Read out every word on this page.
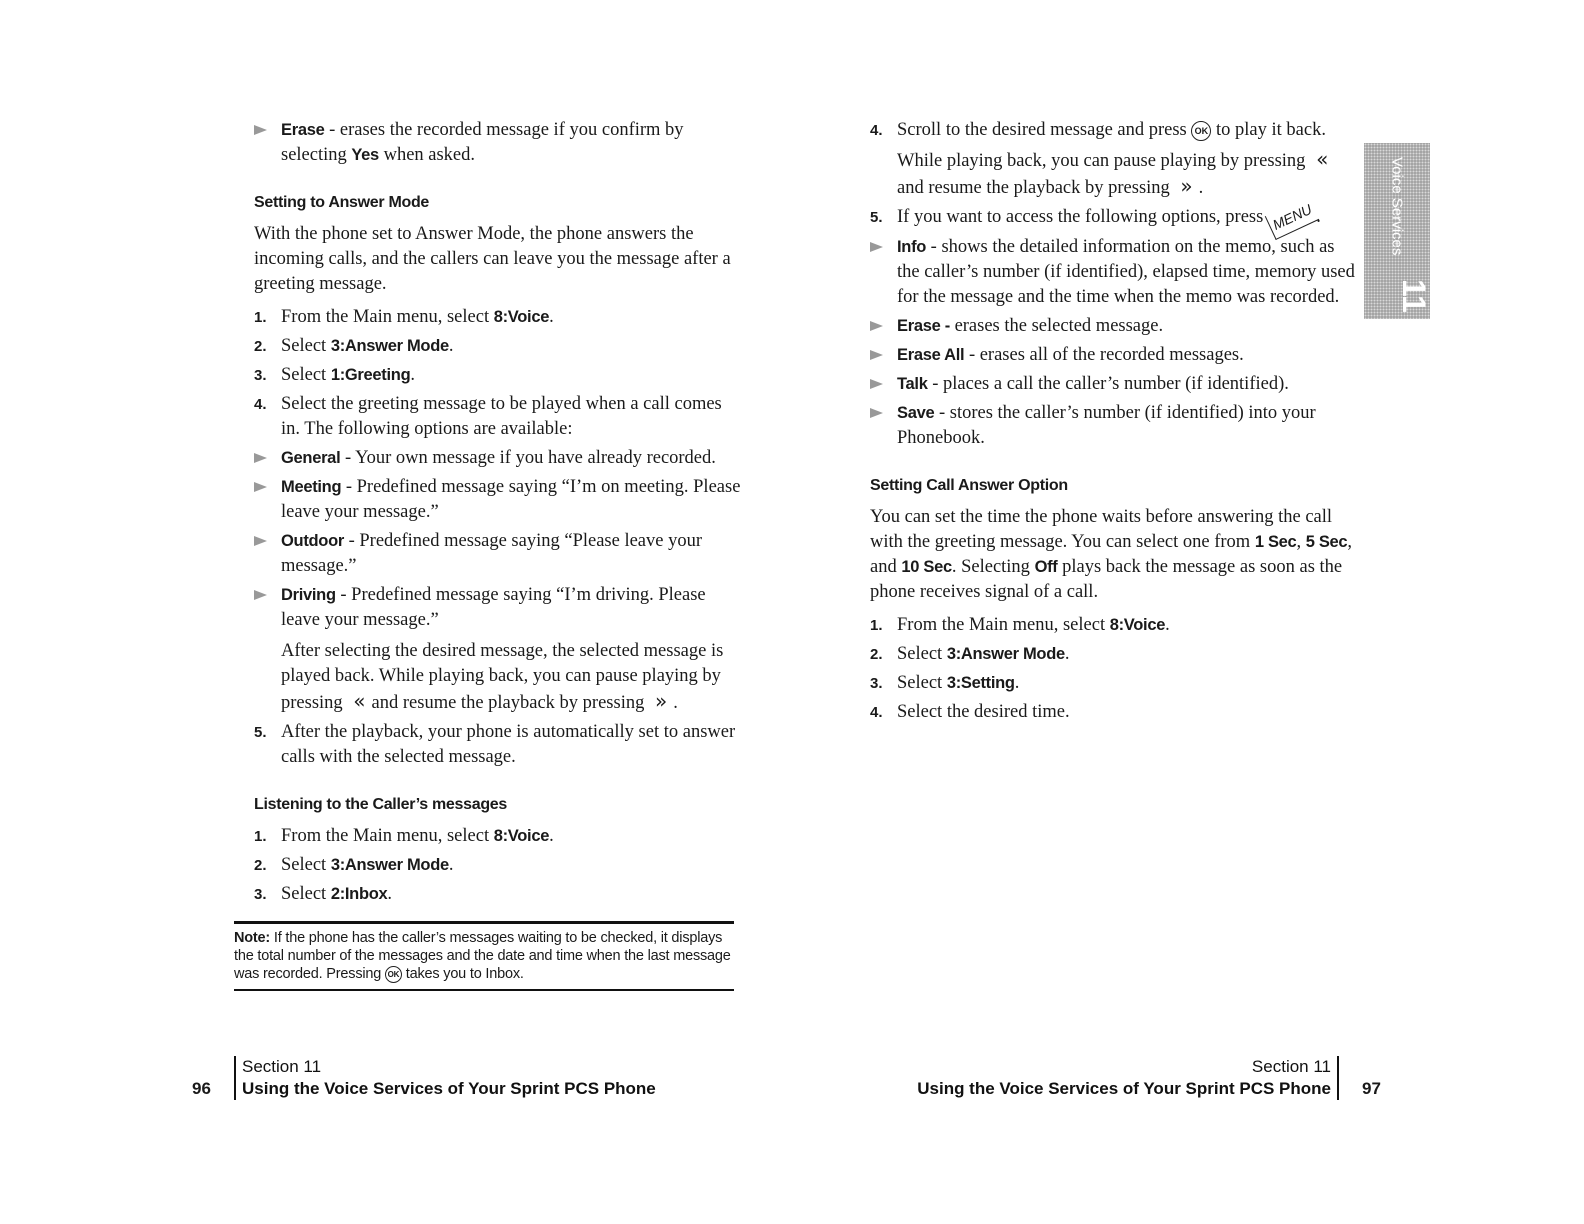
Erase - erases the recorded message if you confirm by selecting Yes when asked.

Setting to Answer Mode

With the phone set to Answer Mode, the phone answers the incoming calls, and the callers can leave you the message after a greeting message.

1. From the Main menu, select 8:Voice.
2. Select 3:Answer Mode.
3. Select 1:Greeting.
4. Select the greeting message to be played when a call comes in. The following options are available:
General - Your own message if you have already recorded.
Meeting - Predefined message saying “I’m on meeting. Please leave your message.”
Outdoor - Predefined message saying “Please leave your message.”
Driving - Predefined message saying “I’m driving. Please leave your message.”

After selecting the desired message, the selected message is played back. While playing back, you can pause playing by pressing « and resume the playback by pressing » .

5. After the playback, your phone is automatically set to answer calls with the selected message.

Listening to the Caller’s messages

1. From the Main menu, select 8:Voice.
2. Select 3:Answer Mode.
3. Select 2:Inbox.
Note: If the phone has the caller’s messages waiting to be checked, it displays the total number of the messages and the date and time when the last message was recorded. Pressing OK takes you to Inbox.
4. Scroll to the desired message and press OK to play it back.

While playing back, you can pause playing by pressing «and resume the playback by pressing » .

5. If you want to access the following options, press MENU .
Info - shows the detailed information on the memo, such as the caller’s number (if identified), elapsed time, memory used for the message and the time when the memo was recorded.
Erase - erases the selected message.
Erase All - erases all of the recorded messages.
Talk - places a call the caller’s number (if identified).
Save - stores the caller’s number (if identified) into your Phonebook.

Setting Call Answer Option

You can set the time the phone waits before answering the call with the greeting message. You can select one from 1 Sec, 5 Sec, and 10 Sec. Selecting Off plays back the message as soon as the phone receives signal of a call.

1. From the Main menu, select 8:Voice.
2. Select 3:Answer Mode.
3. Select 3:Setting.
4. Select the desired time.
Voice Services
11
96
Section 11
Using the Voice Services of Your Sprint PCS Phone
Section 11
Using the Voice Services of Your Sprint PCS Phone 97
